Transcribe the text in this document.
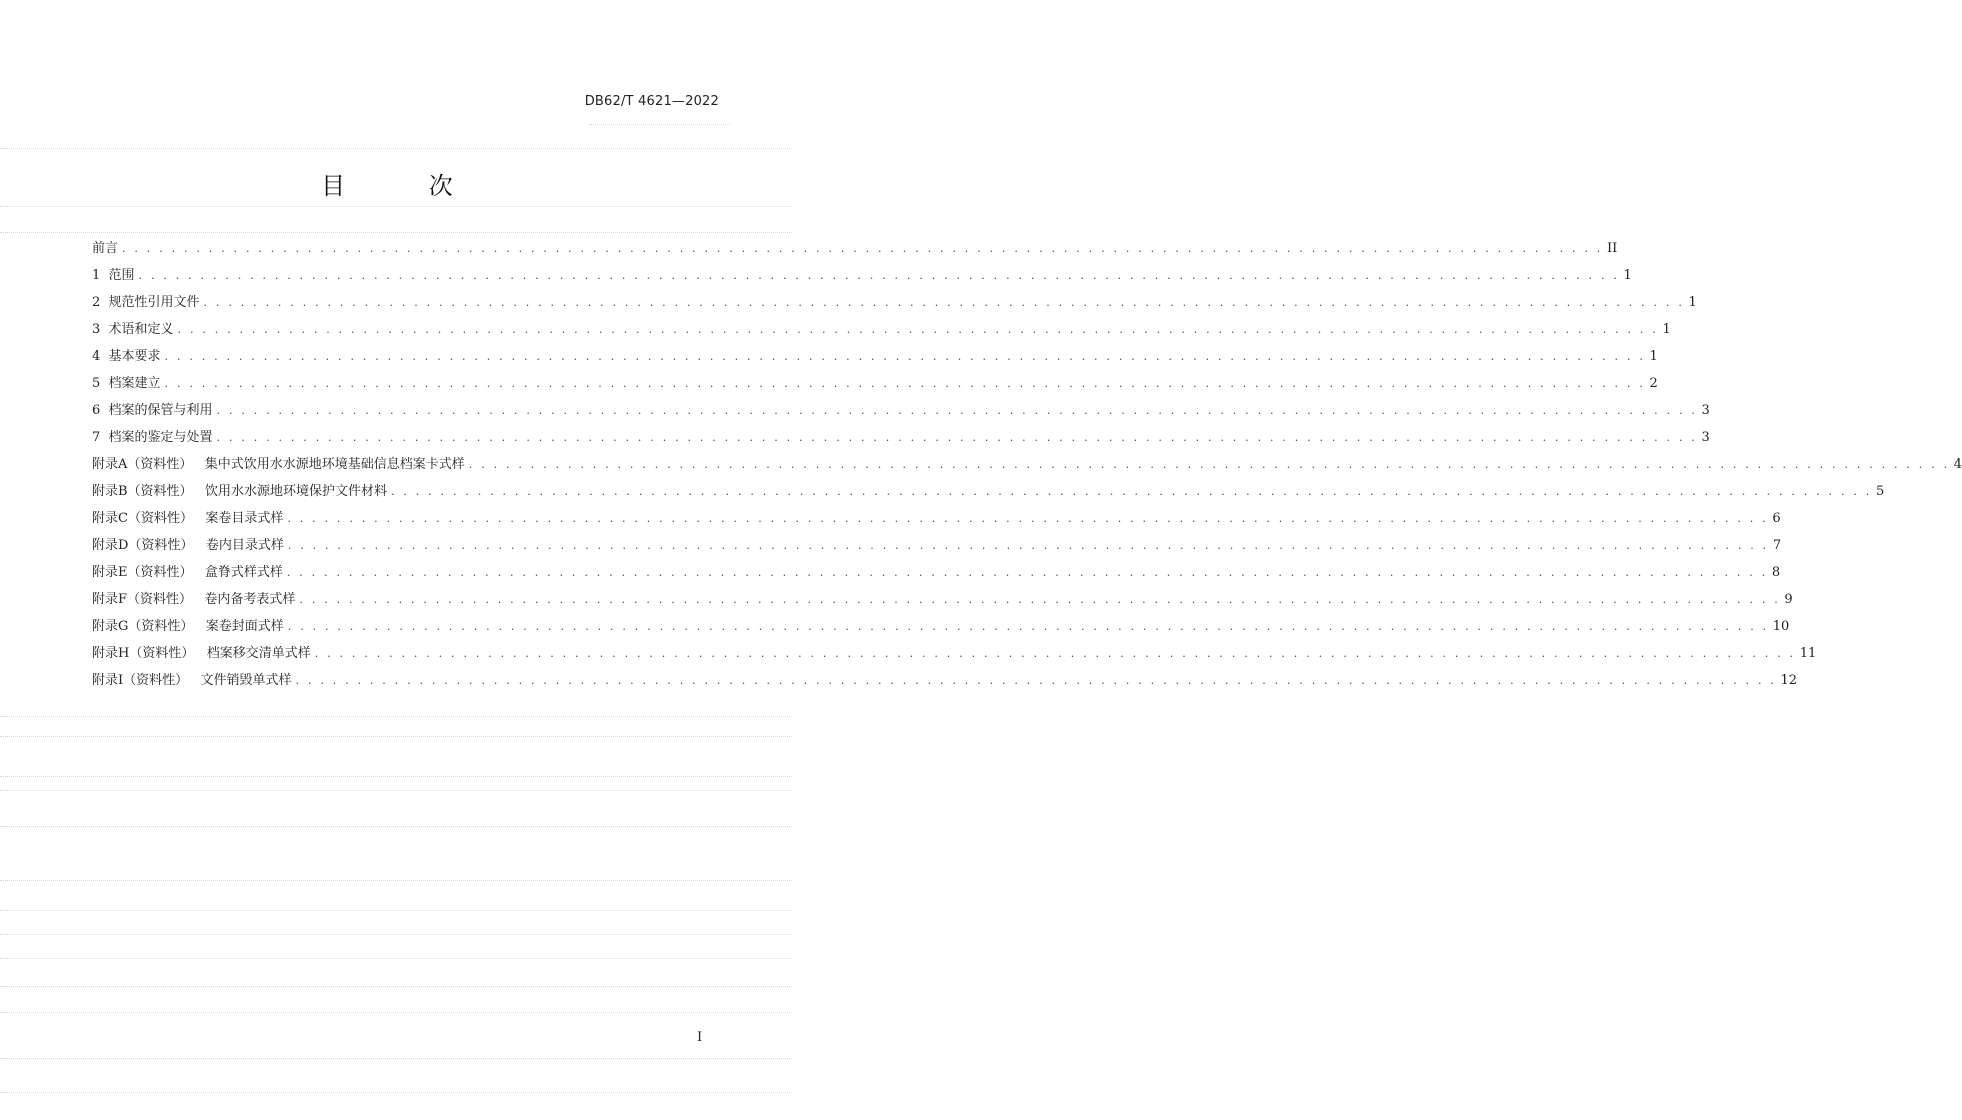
DB62/T 4621—2022
目 次
前言 . . . . . . . . . . . . . . . . . . . . . . . . . . . . . . . . . . . . . . . . . . . . . . . . . . . . . . . . . . . . . . . . . . . . . . . . . . . . . . . . . . . . . . . . . . . . . . . . . . . . . . . . . . . . . . . . . . . . . . . . II
1  范围 . . . . . . . . . . . . . . . . . . . . . . . . . . . . . . . . . . . . . . . . . . . . . . . . . . . . . . . . . . . . . . . . . . . . . . . . . . . . . . . . . . . . . . . . . . . . . . . . . . . . . . . . . . . . . . . . . . . . . . . . 1
2  规范性引用文件 . . . . . . . . . . . . . . . . . . . . . . . . . . . . . . . . . . . . . . . . . . . . . . . . . . . . . . . . . . . . . . . . . . . . . . . . . . . . . . . . . . . . . . . . . . . . . . . . . . . . . . . . . . . . . . . . . . . . . . . . 1
3  术语和定义 . . . . . . . . . . . . . . . . . . . . . . . . . . . . . . . . . . . . . . . . . . . . . . . . . . . . . . . . . . . . . . . . . . . . . . . . . . . . . . . . . . . . . . . . . . . . . . . . . . . . . . . . . . . . . . . . . . . . . . . . 1
4  基本要求 . . . . . . . . . . . . . . . . . . . . . . . . . . . . . . . . . . . . . . . . . . . . . . . . . . . . . . . . . . . . . . . . . . . . . . . . . . . . . . . . . . . . . . . . . . . . . . . . . . . . . . . . . . . . . . . . . . . . . . . . 1
5  档案建立 . . . . . . . . . . . . . . . . . . . . . . . . . . . . . . . . . . . . . . . . . . . . . . . . . . . . . . . . . . . . . . . . . . . . . . . . . . . . . . . . . . . . . . . . . . . . . . . . . . . . . . . . . . . . . . . . . . . . . . . . 2
6  档案的保管与利用 . . . . . . . . . . . . . . . . . . . . . . . . . . . . . . . . . . . . . . . . . . . . . . . . . . . . . . . . . . . . . . . . . . . . . . . . . . . . . . . . . . . . . . . . . . . . . . . . . . . . . . . . . . . . . . . . . . . . . . . . 3
7  档案的鉴定与处置 . . . . . . . . . . . . . . . . . . . . . . . . . . . . . . . . . . . . . . . . . . . . . . . . . . . . . . . . . . . . . . . . . . . . . . . . . . . . . . . . . . . . . . . . . . . . . . . . . . . . . . . . . . . . . . . . . . . . . . . . 3
附录A（资料性）   集中式饮用水水源地环境基础信息档案卡式样 . . . . . . . . . . . . . . . . . . . . . . . . . . . . . . . . . . . . . . . . . . . . . . . . . . . . . . . . . . . . . . . . . . . . . . . . . . . . . . . . . . . . . . . . . . . . . . . . . . . . . . . . . . . . . . . . . . . . . . . . 4
附录B（资料性）   饮用水水源地环境保护文件材料 . . . . . . . . . . . . . . . . . . . . . . . . . . . . . . . . . . . . . . . . . . . . . . . . . . . . . . . . . . . . . . . . . . . . . . . . . . . . . . . . . . . . . . . . . . . . . . . . . . . . . . . . . . . . . . . . . . . . . . . . 5
附录C（资料性）   案卷目录式样 . . . . . . . . . . . . . . . . . . . . . . . . . . . . . . . . . . . . . . . . . . . . . . . . . . . . . . . . . . . . . . . . . . . . . . . . . . . . . . . . . . . . . . . . . . . . . . . . . . . . . . . . . . . . . . . . . . . . . . . . 6
附录D（资料性）   卷内目录式样 . . . . . . . . . . . . . . . . . . . . . . . . . . . . . . . . . . . . . . . . . . . . . . . . . . . . . . . . . . . . . . . . . . . . . . . . . . . . . . . . . . . . . . . . . . . . . . . . . . . . . . . . . . . . . . . . . . . . . . . . 7
附录E（资料性）   盒脊式样式样 . . . . . . . . . . . . . . . . . . . . . . . . . . . . . . . . . . . . . . . . . . . . . . . . . . . . . . . . . . . . . . . . . . . . . . . . . . . . . . . . . . . . . . . . . . . . . . . . . . . . . . . . . . . . . . . . . . . . . . . . 8
附录F（资料性）   卷内备考表式样 . . . . . . . . . . . . . . . . . . . . . . . . . . . . . . . . . . . . . . . . . . . . . . . . . . . . . . . . . . . . . . . . . . . . . . . . . . . . . . . . . . . . . . . . . . . . . . . . . . . . . . . . . . . . . . . . . . . . . . . . 9
附录G（资料性）   案卷封面式样 . . . . . . . . . . . . . . . . . . . . . . . . . . . . . . . . . . . . . . . . . . . . . . . . . . . . . . . . . . . . . . . . . . . . . . . . . . . . . . . . . . . . . . . . . . . . . . . . . . . . . . . . . . . . . . . . . . . . . . . . 10
附录H（资料性）   档案移交清单式样 . . . . . . . . . . . . . . . . . . . . . . . . . . . . . . . . . . . . . . . . . . . . . . . . . . . . . . . . . . . . . . . . . . . . . . . . . . . . . . . . . . . . . . . . . . . . . . . . . . . . . . . . . . . . . . . . . . . . . . . . 11
附录I（资料性）   文件销毁单式样 . . . . . . . . . . . . . . . . . . . . . . . . . . . . . . . . . . . . . . . . . . . . . . . . . . . . . . . . . . . . . . . . . . . . . . . . . . . . . . . . . . . . . . . . . . . . . . . . . . . . . . . . . . . . . . . . . . . . . . . . 12
I
